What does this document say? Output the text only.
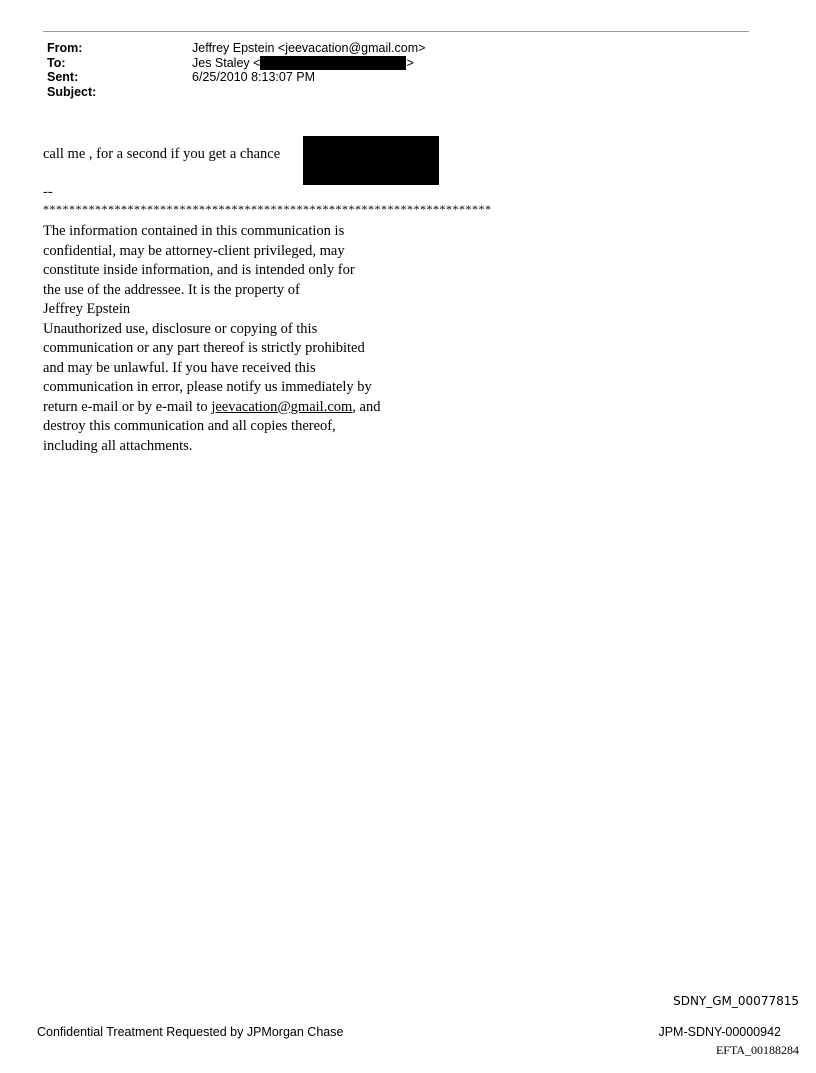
From:	Jeffrey Epstein <jeevacation@gmail.com>
To:	Jes Staley <	>
Sent:	6/25/2010 8:13:07 PM
Subject:
call me , for a second if you get a chance
--
*********************************************************************
The information contained in this communication is
confidential, may be attorney-client privileged, may
constitute inside information, and is intended only for
the use of the addressee. It is the property of
Jeffrey Epstein
Unauthorized use, disclosure or copying of this
communication or any part thereof is strictly prohibited
and may be unlawful. If you have received this
communication in error, please notify us immediately by
return e-mail or by e-mail to jeevacation@gmail.com, and
destroy this communication and all copies thereof,
including all attachments.
SDNY_GM_00077815
Confidential Treatment Requested by JPMorgan Chase	JPM-SDNY-00000942
EFTA_00188284
